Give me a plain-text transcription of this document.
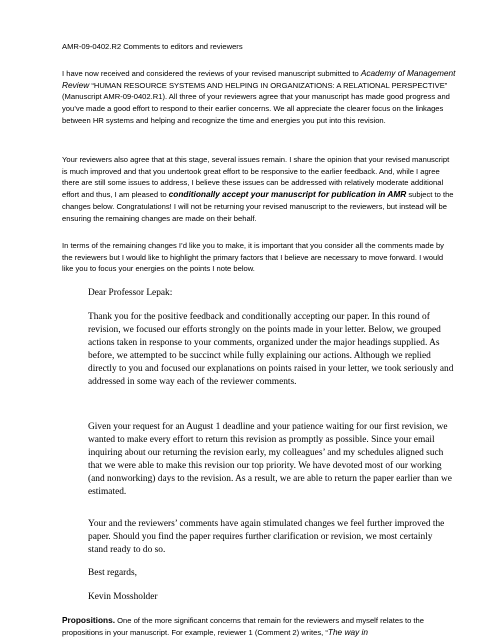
AMR-09-0402.R2 Comments to editors and reviewers

I have now received and considered the reviews of your revised manuscript submitted to Academy of Management Review “HUMAN RESOURCE SYSTEMS AND HELPING IN ORGANIZATIONS: A RELATIONAL PERSPECTIVE” (Manuscript AMR-09-0402.R1). All three of your reviewers agree that your manuscript has made good progress and you’ve made a good effort to respond to their earlier concerns. We all appreciate the clearer focus on the linkages between HR systems and helping and recognize the time and energies you put into this revision.

Your reviewers also agree that at this stage, several issues remain. I share the opinion that your revised manuscript is much improved and that you undertook great effort to be responsive to the earlier feedback. And, while I agree there are still some issues to address, I believe these issues can be addressed with relatively moderate additional effort and thus, I am pleased to conditionally accept your manuscript for publication in AMR subject to the changes below. Congratulations! I will not be returning your revised manuscript to the reviewers, but instead will be ensuring the remaining changes are made on their behalf.

In terms of the remaining changes I’d like you to make, it is important that you consider all the comments made by the reviewers but I would like to highlight the primary factors that I believe are necessary to move forward. I would like you to focus your energies on the points I note below.

Dear Professor Lepak:

Thank you for the positive feedback and conditionally accepting our paper. In this round of revision, we focused our efforts strongly on the points made in your letter. Below, we grouped actions taken in response to your comments, organized under the major headings supplied. As before, we attempted to be succinct while fully explaining our actions. Although we replied directly to you and focused our explanations on points raised in your letter, we took seriously and addressed in some way each of the reviewer comments.

Given your request for an August 1 deadline and your patience waiting for our first revision, we wanted to make every effort to return this revision as promptly as possible. Since your email inquiring about our returning the revision early, my colleagues’ and my schedules aligned such that we were able to make this revision our top priority. We have devoted most of our working (and nonworking) days to the revision. As a result, we are able to return the paper earlier than we estimated.

Your and the reviewers’ comments have again stimulated changes we feel further improved the paper. Should you find the paper requires further clarification or revision, we most certainly stand ready to do so.

Best regards,

Kevin Mossholder

Propositions. One of the more significant concerns that remain for the reviewers and myself relates to the propositions in your manuscript. For example, reviewer 1 (Comment 2) writes, “The way in
